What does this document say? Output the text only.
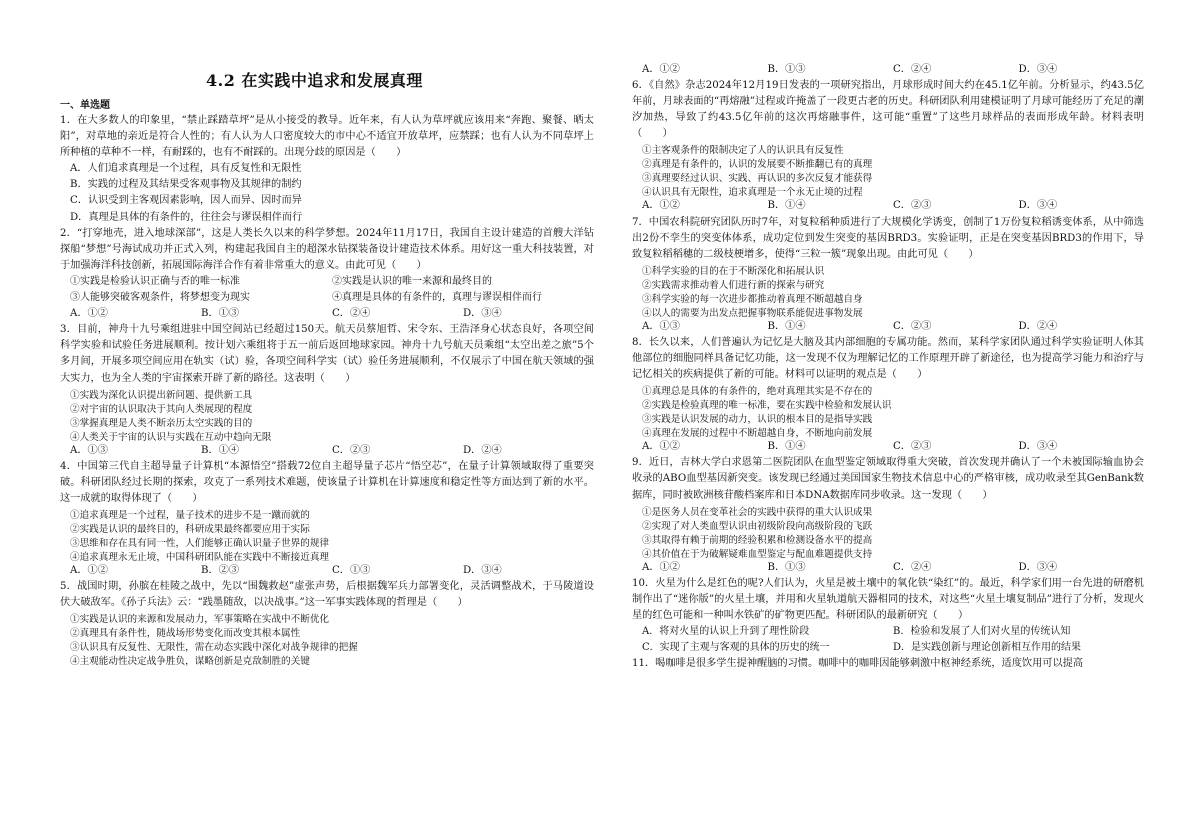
4.2 在实践中追求和发展真理
一、单选题

1．在大多数人的印象里，“禁止踩踏草坪”是从小接受的教导。近年来，有人认为草坪就应该用来“奔跑、聚餐、晒太阳”，对草地的亲近是符合人性的；有人认为人口密度较大的市中心不适宜开放草坪，应禁踩；也有人认为不同草坪上所种植的草种不一样，有耐踩的，也有不耐踩的。出现分歧的原因是（　　）

A．人们追求真理是一个过程，具有反复性和无限性
B．实践的过程及其结果受客观事物及其规律的制约
C．认识受到主客观因素影响，因人而异、因时而异
D．真理是具体的有条件的，往往会与谬误相伴而行

2．“打穿地壳，进入地球深部”，这是人类长久以来的科学梦想。2024年11月17日，我国自主设计建造的首艘大洋钻探船“梦想”号海试成功并正式入列，构建起我国自主的超深水钻探装备设计建造技术体系。用好这一重大科技装置，对于加强海洋科技创新，拓展国际海洋合作有着非常重大的意义。由此可见（　　）

①实践是检验认识正确与否的唯一标准	②实践是认识的唯一来源和最终目的
③人能够突破客观条件，将梦想变为现实	④真理是具体的有条件的，真理与谬误相伴而行
A．①②	B．①③	C．②④	D．③④

3．目前，神舟十九号乘组进驻中国空间站已经超过150天。航天员蔡旭哲、宋令东、王浩泽身心状态良好，各项空间科学实验和试验任务进展顺利。按计划六乘组将于五一前后返回地球家园。神舟十九号航天员乘组“太空出差之旅”5个多月间，开展多项空间应用在轨实（试）验，各项空间科学实（试）验任务进展顺利，不仅展示了中国在航天领域的强大实力，也为全人类的宇宙探索开辟了新的路径。这表明（　　）

①实践为深化认识提出新问题、提供新工具
②对宇宙的认识取决于其向人类展现的程度
③掌握真理是人类不断亲历太空实践的目的
④人类关于宇宙的认识与实践在互动中趋向无限
A．①③	B．①④	C．②③	D．②④

4．中国第三代自主超导量子计算机“本源悟空”搭载72位自主超导量子芯片“悟空芯”，在量子计算领域取得了重要突破。科研团队经过长期的探索，攻克了一系列技术难题，使该量子计算机在计算速度和稳定性等方面达到了新的水平。这一成就的取得体现了（　　）

①追求真理是一个过程，量子技术的进步不是一蹴而就的
②实践是认识的最终目的，科研成果最终都要应用于实际
③思维和存在具有同一性，人们能够正确认识量子世界的规律
④追求真理永无止境，中国科研团队能在实践中不断接近真理
A．①②	B．②③	C．①③	D．③④

5．战国时期，孙膑在桂陵之战中，先以“围魏救赵”虚张声势，后根据魏军兵力部署变化，灵活调整战术，于马陵道设伏大破敌军。《孙子兵法》云：“践墨随敌，以决战事。”这一军事实践体现的哲理是（　　）

①实践是认识的来源和发展动力，军事策略在实战中不断优化
②真理具有条件性，随战场形势变化而改变其根本属性
③认识具有反复性、无限性，需在动态实践中深化对战争规律的把握
④主观能动性决定战争胜负，谋略创新是克敌制胜的关键
A．①②	B．①③	C．②④	D．③④

6．《自然》杂志2024年12月19日发表的一项研究指出，月球形成时间大约在45.1亿年前。分析显示，约43.5亿年前，月球表面的“再熔融”过程或许掩盖了一段更古老的历史。科研团队利用建模证明了月球可能经历了充足的潮汐加热，导致了约43.5亿年前的这次再熔融事件，这可能“重置”了这些月球样品的表面形成年龄。材料表明（　　）

①主客观条件的限制决定了人的认识具有反复性
②真理是有条件的，认识的发展要不断推翻已有的真理
③真理要经过认识、实践、再认识的多次反复才能获得
④认识具有无限性，追求真理是一个永无止境的过程
A．①②	B．①④	C．②③	D．③④

7．中国农科院研究团队历时7年，对复粒稻种质进行了大规模化学诱变，创制了1万份复粒稻诱变体系，从中筛选出2份不孪生的突变体体系，成功定位到发生突变的基因BRD3。实验证明，正是在突变基因BRD3的作用下，导致复粒稻稻穗的二级枝梗增多，使得“三粒一簇”现象出现。由此可见（　　）

①科学实验的目的在于不断深化和拓展认识
②实践需求推动着人们进行新的探索与研究
③科学实验的每一次进步都推动着真理不断超越自身
④以人的需要为出发点把握事物联系能促进事物发展
A．①③	B．①④	C．②③	D．②④

8．长久以来，人们普遍认为记忆是大脑及其内部细胞的专属功能。然而，某科学家团队通过科学实验证明人体其他部位的细胞同样具备记忆功能，这一发现不仅为理解记忆的工作原理开辟了新途径，也为提高学习能力和治疗与记忆相关的疾病提供了新的可能。材料可以证明的观点是（　　）

①真理总是具体的有条件的，绝对真理其实是不存在的
②实践是检验真理的唯一标准，要在实践中检验和发展认识
③实践是认识发展的动力，认识的根本目的是指导实践
④真理在发展的过程中不断超越自身，不断地向前发展
A．①②	B．①④	C．②③	D．③④

9．近日，吉林大学白求恩第二医院团队在血型鉴定领域取得重大突破，首次发现并确认了一个未被国际输血协会收录的ABO血型基因新突变。该发现已经通过美国国家生物技术信息中心的严格审核，成功收录至其GenBank数据库，同时被欧洲核苷酸档案库和日本DNA数据库同步收录。这一发现（　　）

①是医务人员在变革社会的实践中获得的重大认识成果
②实现了对人类血型认识由初级阶段向高级阶段的飞跃
③其取得有赖于前期的经验积累和检测设备水平的提高
④其价值在于为破解疑难血型鉴定与配血难题提供支持
A．①②	B．①③	C．②④	D．③④

10．火星为什么是红色的呢?人们认为，火星是被土壤中的氧化铁“染红”的。最近，科学家们用一台先进的研磨机制作出了“迷你版”的火星土壤，并用和火星轨道航天器相同的技术，对这些“火星土壤复制品”进行了分析，发现火星的红色可能和一种叫水铁矿的矿物更匹配。科研团队的最新研究（　　）

A．将对火星的认识上升到了理性阶段	B．检验和发展了人们对火星的传统认知
C．实现了主观与客观的具体的历史的统一	D．是实践创新与理论创新相互作用的结果

11．喝咖啡是很多学生提神醒脑的习惯。咖啡中的咖啡因能够刺激中枢神经系统，适度饮用可以提高
